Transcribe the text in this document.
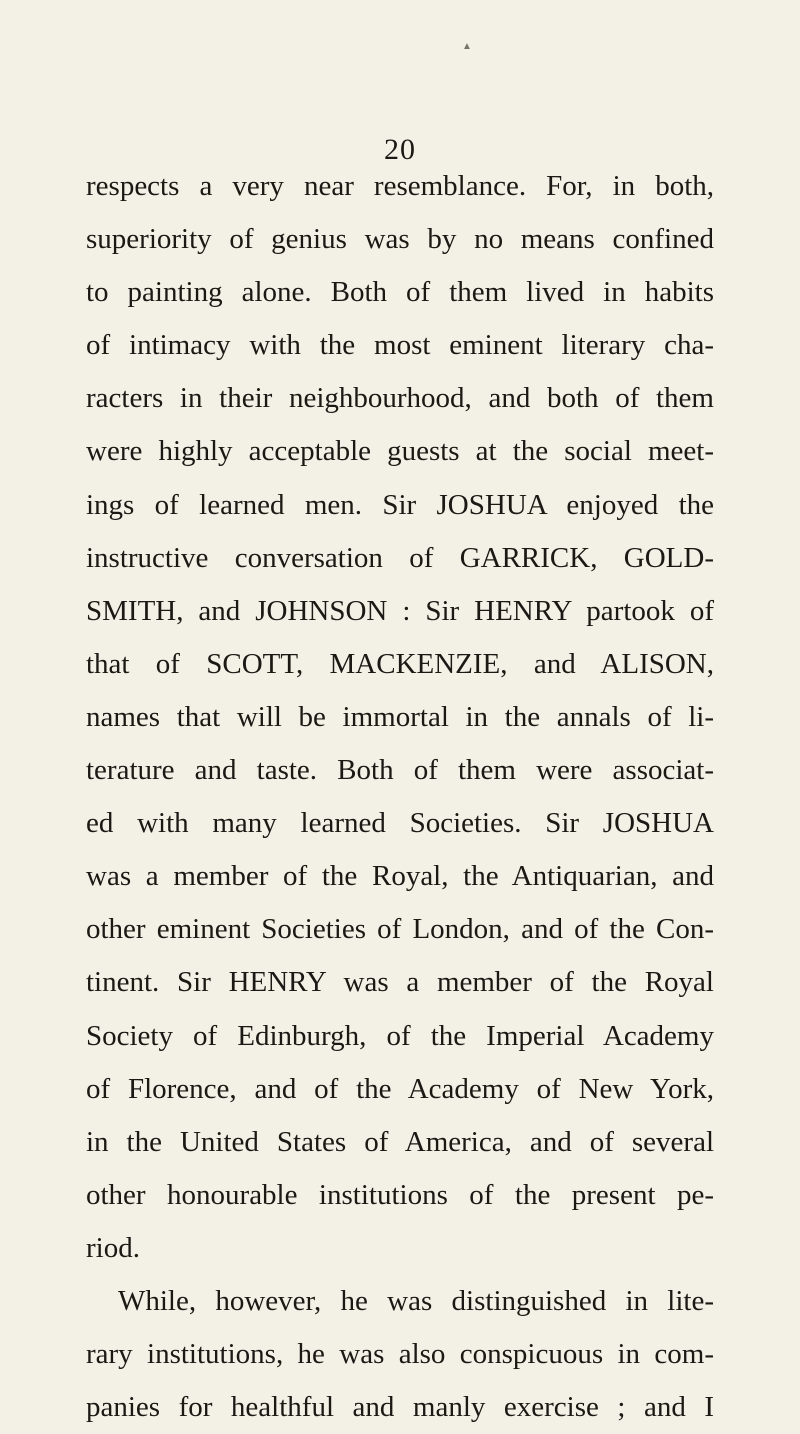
▲
20
respects a very near resemblance. For, in both,
superiority of genius was by no means confined
to painting alone. Both of them lived in habits
of intimacy with the most eminent literary cha-
racters in their neighbourhood, and both of them
were highly acceptable guests at the social meet-
ings of learned men. Sir JOSHUA enjoyed the
instructive conversation of GARRICK, GOLD-
SMITH, and JOHNSON : Sir HENRY partook of
that of SCOTT, MACKENZIE, and ALISON,
names that will be immortal in the annals of li-
terature and taste. Both of them were associat-
ed with many learned Societies. Sir JOSHUA
was a member of the Royal, the Antiquarian, and
other eminent Societies of London, and of the Con-
tinent. Sir HENRY was a member of the Royal
Society of Edinburgh, of the Imperial Academy
of Florence, and of the Academy of New York,
in the United States of America, and of several
other honourable institutions of the present pe-
riod.
While, however, he was distinguished in lite-
rary institutions, he was also conspicuous in com-
panies for healthful and manly exercise ; and I
